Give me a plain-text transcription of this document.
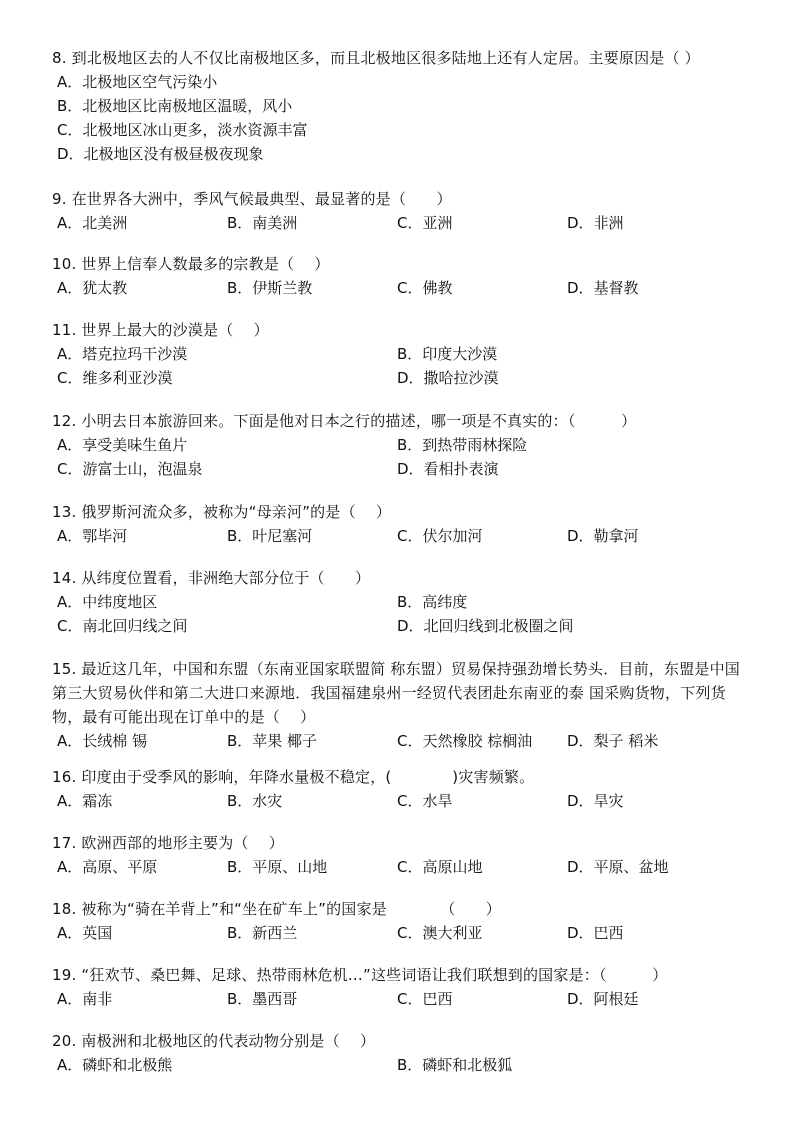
8. 到北极地区去的人不仅比南极地区多，而且北极地区很多陆地上还有人定居。主要原因是（ ）
A．北极地区空气污染小
B．北极地区比南极地区温暖，风小
C．北极地区冰山更多，淡水资源丰富
D．北极地区没有极昼极夜现象
9. 在世界各大洲中，季风气候最典型、最显著的是（　　）
A．北美洲	B．南美洲	C．亚洲	D．非洲
10. 世界上信奉人数最多的宗教是（　 ）
A．犹太教	B．伊斯兰教	C．佛教	D．基督教
11. 世界上最大的沙漠是（　 ）
A．塔克拉玛干沙漠	B．印度大沙漠
C．维多利亚沙漠	D．撒哈拉沙漠
12. 小明去日本旅游回来。下面是他对日本之行的描述，哪一项是不真实的：（　　　）
A．享受美味生鱼片	B．到热带雨林探险
C．游富士山，泡温泉	D．看相扑表演
13. 俄罗斯河流众多，被称为“母亲河”的是（　 ）
A．鄂毕河	B．叶尼塞河	C．伏尔加河	D．勒拿河
14. 从纬度位置看，非洲绝大部分位于（　　）
A．中纬度地区	B．高纬度
C．南北回归线之间	D．北回归线到北极圈之间
15. 最近这几年，中国和东盟（东南亚国家联盟简 称东盟）贸易保持强劲增长势头．目前，东盟是中国第三大贸易伙伴和第二大进口来源地．我国福建泉州一经贸代表团赴东南亚的泰 国采购货物，下列货物，最有可能出现在订单中的是（　 ）
A．长绒棉 锡	B．苹果 椰子	C．天然橡胶 棕榈油 D．梨子 稻米
16. 印度由于受季风的影响，年降水量极不稳定，(　　　　)灾害频繁。
A．霜冻	B．水灾	C．水旱	D．旱灾
17. 欧洲西部的地形主要为（　 ）
A．高原、平原	B．平原、山地	C．高原山地	D．平原、盆地
18. 被称为“骑在羊背上”和“坐在矿车上”的国家是　　　　（　　）
A．英国	B．新西兰	C．澳大利亚	D．巴西
19. “狂欢节、桑巴舞、足球、热带雨林危机…”这些词语让我们联想到的国家是：（　　　）
A．南非	B．墨西哥	C．巴西	D．阿根廷
20. 南极洲和北极地区的代表动物分别是（　 ）
A．磷虾和北极熊	B．磷虾和北极狐
